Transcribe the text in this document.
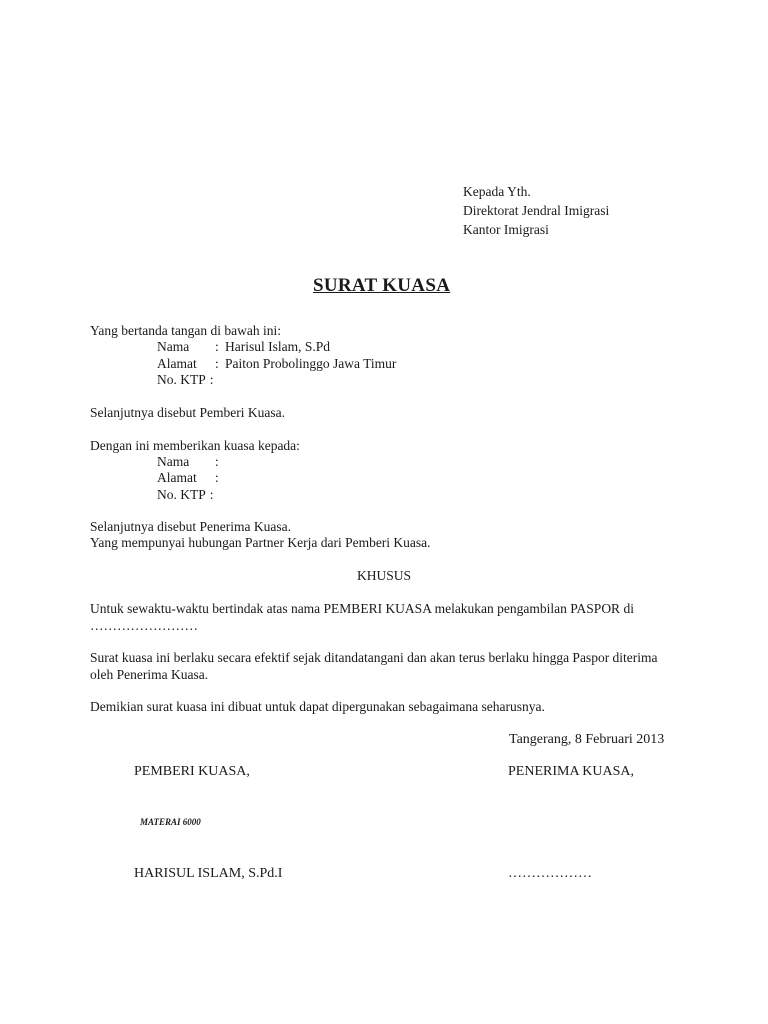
Kepada Yth.
Direktorat Jendral Imigrasi
Kantor Imigrasi
SURAT KUASA
Yang bertanda tangan di bawah ini:
Nama : Harisul Islam, S.Pd
Alamat : Paiton Probolinggo Jawa Timur
No. KTP :
Selanjutnya disebut Pemberi Kuasa.
Dengan ini memberikan kuasa kepada:
Nama :
Alamat :
No. KTP :
Selanjutnya disebut Penerima Kuasa.
Yang mempunyai hubungan Partner Kerja dari Pemberi Kuasa.
KHUSUS
Untuk sewaktu-waktu bertindak atas nama PEMBERI KUASA melakukan pengambilan PASPOR di
……………………
Surat kuasa ini berlaku secara efektif sejak ditandatangani dan akan terus berlaku hingga Paspor diterima
oleh Penerima Kuasa.
Demikian surat kuasa ini dibuat untuk dapat dipergunakan sebagaimana seharusnya.
Tangerang, 8 Februari 2013
PEMBERI KUASA,	PENERIMA KUASA,
MATERAI 6000
HARISUL ISLAM, S.Pd.I	………………
